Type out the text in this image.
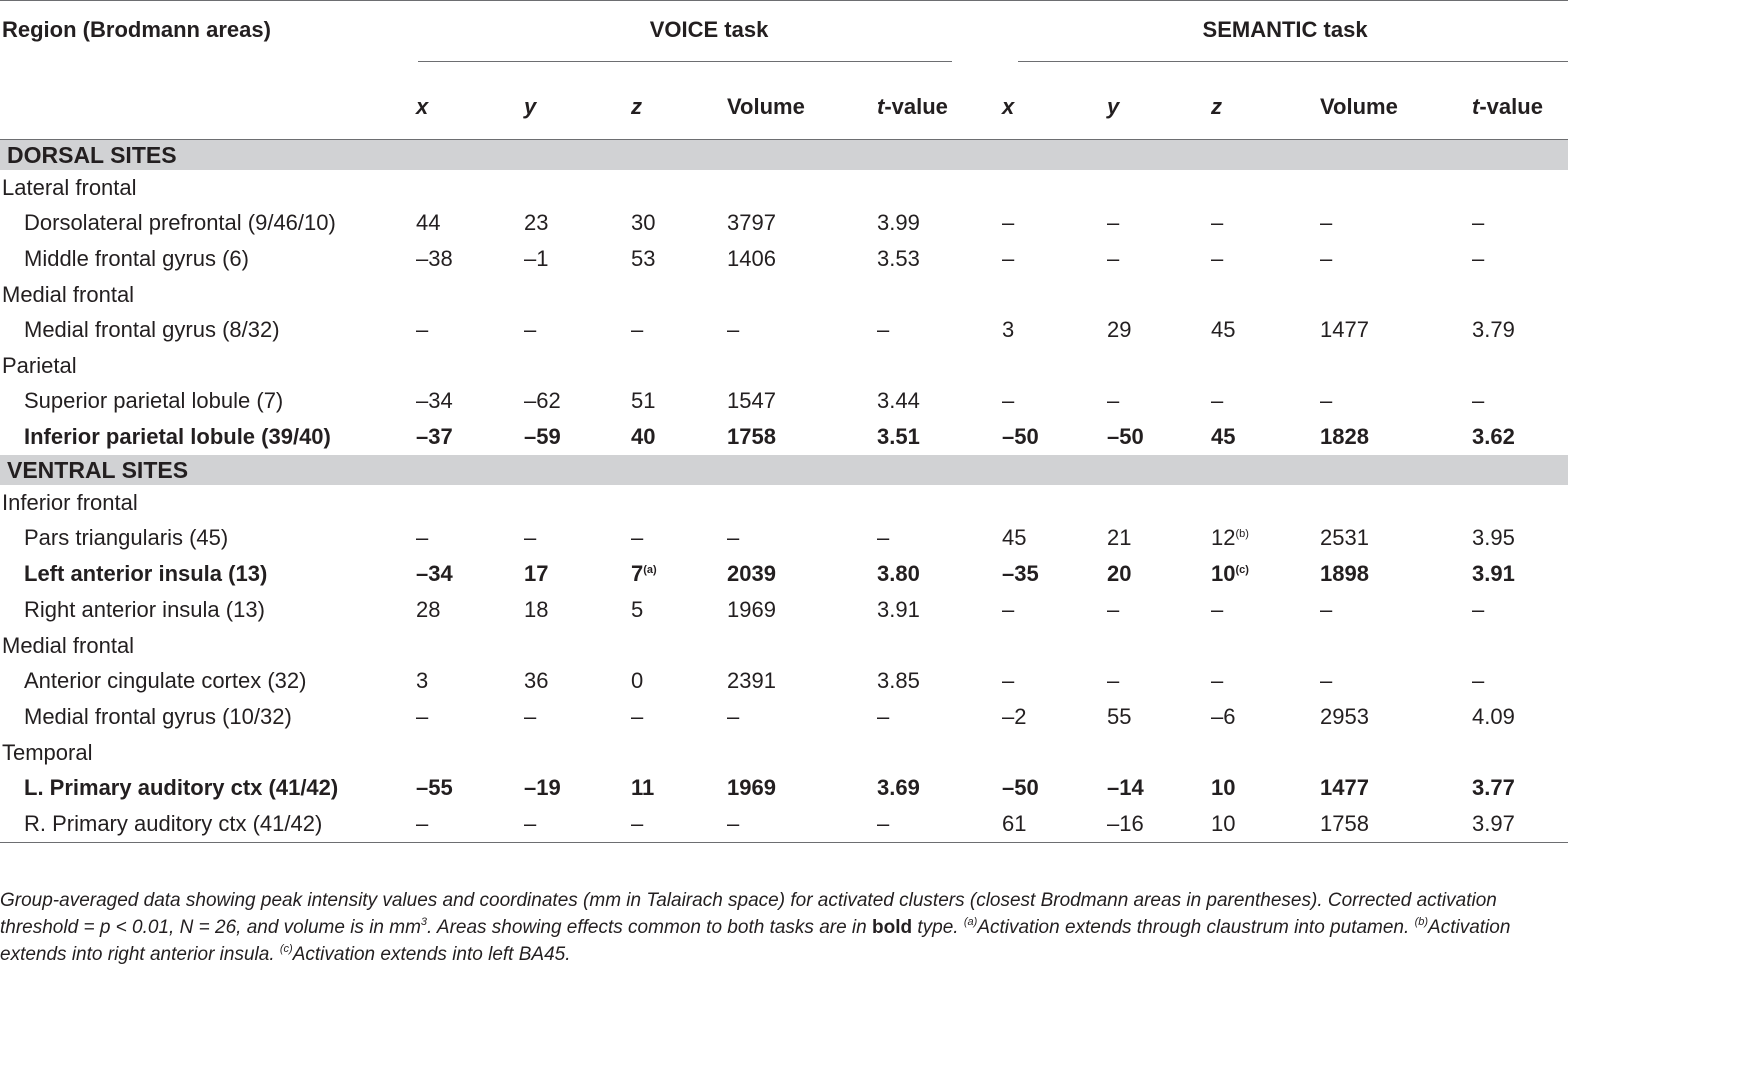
Region (Brodmann areas)	VOICE task					SEMANTIC task				
	x	y	z	Volume	t-value	x	y	z	Volume	t-value
DORSAL SITES										
Lateral frontal										
Dorsolateral prefrontal (9/46/10)	44	23	30	3797	3.99	–	–	–	–	–
Middle frontal gyrus (6)	–38	–1	53	1406	3.53	–	–	–	–	–
Medial frontal										
Medial frontal gyrus (8/32)	–	–	–	–	–	3	29	45	1477	3.79
Parietal										
Superior parietal lobule (7)	–34	–62	51	1547	3.44	–	–	–	–	–
Inferior parietal lobule (39/40)	–37	–59	40	1758	3.51	–50	–50	45	1828	3.62
VENTRAL SITES										
Inferior frontal										
Pars triangularis (45)	–	–	–	–	–	45	21	12$^{(b)}$	2531	3.95
Left anterior insula (13)	–34	17	7$^{(a)}$	2039	3.80	–35	20	10$^{(c)}$	1898	3.91
Right anterior insula (13)	28	18	5	1969	3.91	–	–	–	–	–
Medial frontal										
Anterior cingulate cortex (32)	3	36	0	2391	3.85	–	–	–	–	–
Medial frontal gyrus (10/32)	–	–	–	–	–	–2	55	–6	2953	4.09
Temporal										
L. Primary auditory ctx (41/42)	–55	–19	11	1969	3.69	–50	–14	10	1477	3.77
R. Primary auditory ctx (41/42)	–	–	–	–	–	61	–16	10	1758	3.97
Group-averaged data showing peak intensity values and coordinates (mm in Talairach space) for activated clusters (closest Brodmann areas in parentheses). Corrected activation threshold = p < 0.01, N = 26, and volume is in $mm^3$. Areas showing effects common to both tasks are in bold type. $^{(a)}$Activation extends through claustrum into putamen. $^{(b)}$Activation extends into right anterior insula. $^{(c)}$Activation extends into left BA45.
